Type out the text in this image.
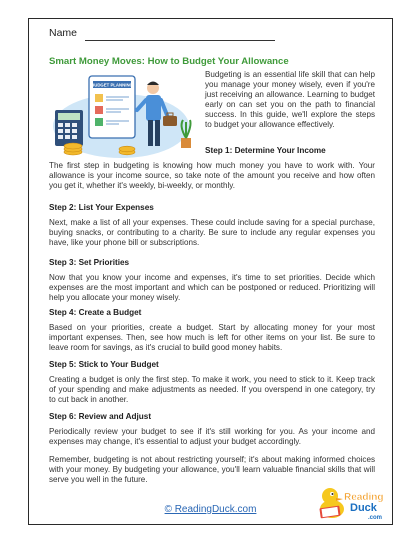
Name
Smart Money Moves: How to Budget Your Allowance
BUDGET PLANNING
Budgeting is an essential life skill that can help you manage your money wisely, even if you're just receiving an allowance. Learning to budget early on can set you on the path to financial success. In this guide, we'll explore the steps to budget your allowance effectively.
Step 1: Determine Your Income
The first step in budgeting is knowing how much money you have to work with. Your allowance is your income source, so take note of the amount you receive and how often you get it, whether it's weekly, bi-weekly, or monthly.
Step 2: List Your Expenses
Next, make a list of all your expenses. These could include saving for a special purchase, buying snacks, or contributing to a charity. Be sure to include any regular expenses you have, like your phone bill or subscriptions.
Step 3: Set Priorities
Now that you know your income and expenses, it's time to set priorities. Decide which expenses are the most important and which can be postponed or reduced. Prioritizing will help you allocate your money wisely.
Step 4: Create a Budget
Based on your priorities, create a budget. Start by allocating money for your most important expenses. Then, see how much is left for other items on your list. Be sure to leave room for savings, as it's crucial to build good money habits.
Step 5: Stick to Your Budget
Creating a budget is only the first step. To make it work, you need to stick to it. Keep track of your spending and make adjustments as needed. If you overspend in one category, try to cut back in another.
Step 6: Review and Adjust
Periodically review your budget to see if it's still working for you. As your income and expenses may change, it's essential to adjust your budget accordingly.
Remember, budgeting is not about restricting yourself; it's about making informed choices with your money. By budgeting your allowance, you'll learn valuable financial skills that will serve you well in the future.
© ReadingDuck.com
Reading
Duck
.com
